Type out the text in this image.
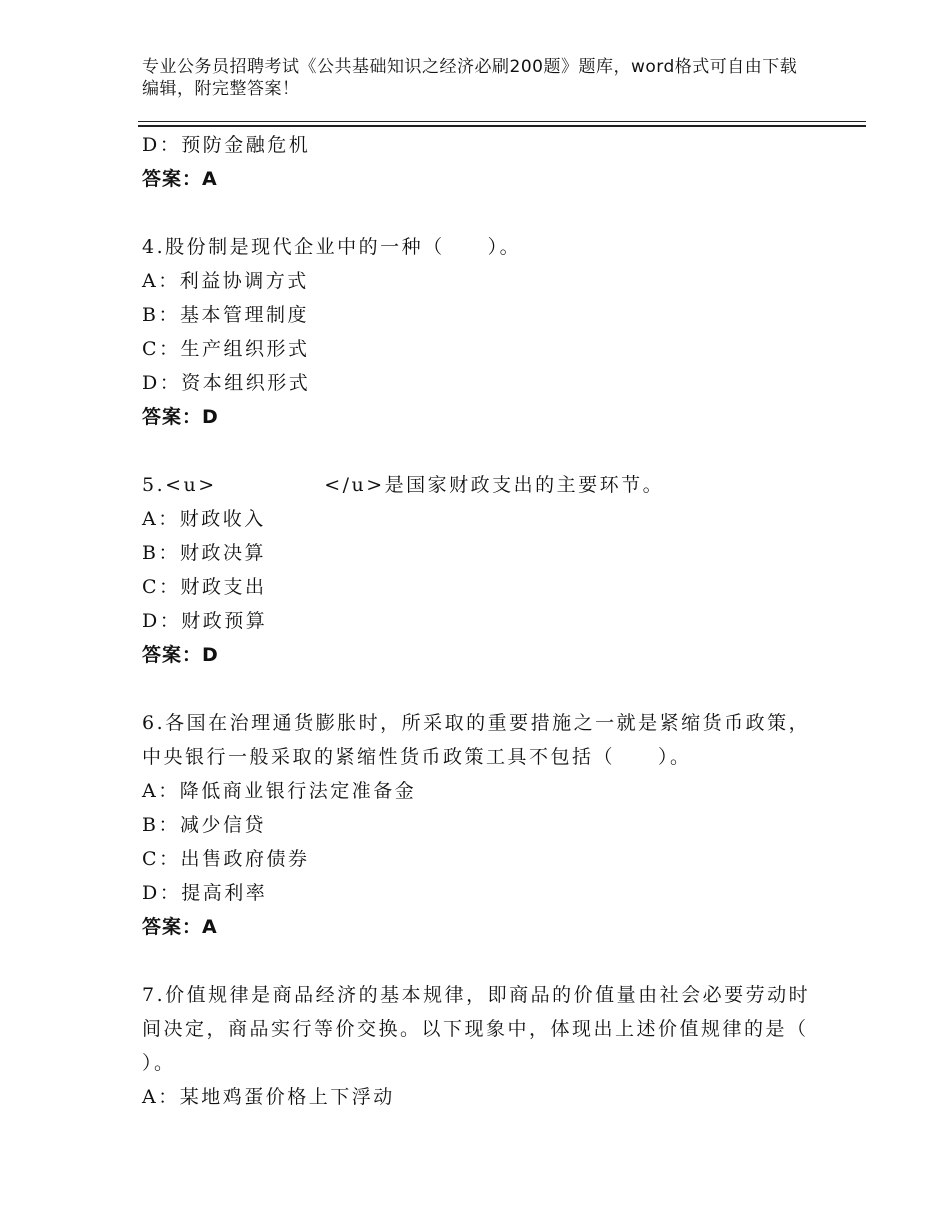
专业公务员招聘考试《公共基础知识之经济必刷200题》题库，word格式可自由下载编辑，附完整答案！
D：预防金融危机
答案：A
4.股份制是现代企业中的一种（　　）。
A：利益协调方式
B：基本管理制度
C：生产组织形式
D：资本组织形式
答案：D
5.<u>　　　　　</u>是国家财政支出的主要环节。
A：财政收入
B：财政决算
C：财政支出
D：财政预算
答案：D
6.各国在治理通货膨胀时，所采取的重要措施之一就是紧缩货币政策，中央银行一般采取的紧缩性货币政策工具不包括（　　）。
A：降低商业银行法定准备金
B：减少信贷
C：出售政府债券
D：提高利率
答案：A
7.价值规律是商品经济的基本规律，即商品的价值量由社会必要劳动时间决定，商品实行等价交换。以下现象中，体现出上述价值规律的是（ ）。
A：某地鸡蛋价格上下浮动
